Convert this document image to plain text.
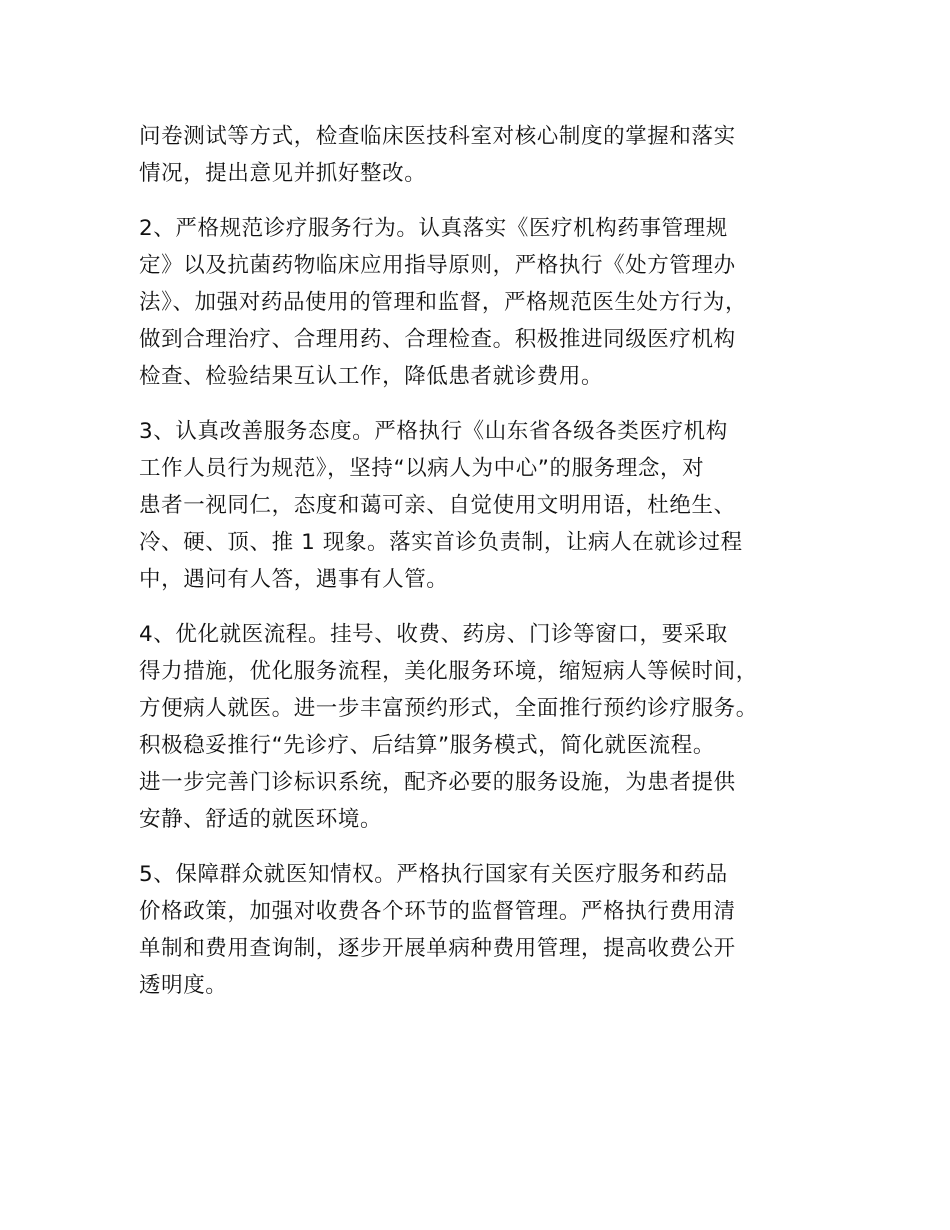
问卷测试等方式，检查临床医技科室对核心制度的掌握和落实
情况，提出意见并抓好整改。
2、严格规范诊疗服务行为。认真落实《医疗机构药事管理规
定》以及抗菌药物临床应用指导原则，严格执行《处方管理办
法》、加强对药品使用的管理和监督，严格规范医生处方行为，
做到合理治疗、合理用药、合理检查。积极推进同级医疗机构
检查、检验结果互认工作，降低患者就诊费用。
3、认真改善服务态度。严格执行《山东省各级各类医疗机构
工作人员行为规范》，坚持“以病人为中心”的服务理念，对
患者一视同仁，态度和蔼可亲、自觉使用文明用语，杜绝生、
冷、硬、顶、推 1 现象。落实首诊负责制，让病人在就诊过程
中，遇问有人答，遇事有人管。
4、优化就医流程。挂号、收费、药房、门诊等窗口，要采取
得力措施，优化服务流程，美化服务环境，缩短病人等候时间，
方便病人就医。进一步丰富预约形式，全面推行预约诊疗服务。
积极稳妥推行“先诊疗、后结算”服务模式，简化就医流程。
进一步完善门诊标识系统，配齐必要的服务设施，为患者提供
安静、舒适的就医环境。
5、保障群众就医知情权。严格执行国家有关医疗服务和药品
价格政策，加强对收费各个环节的监督管理。严格执行费用清
单制和费用查询制，逐步开展单病种费用管理，提高收费公开
透明度。
